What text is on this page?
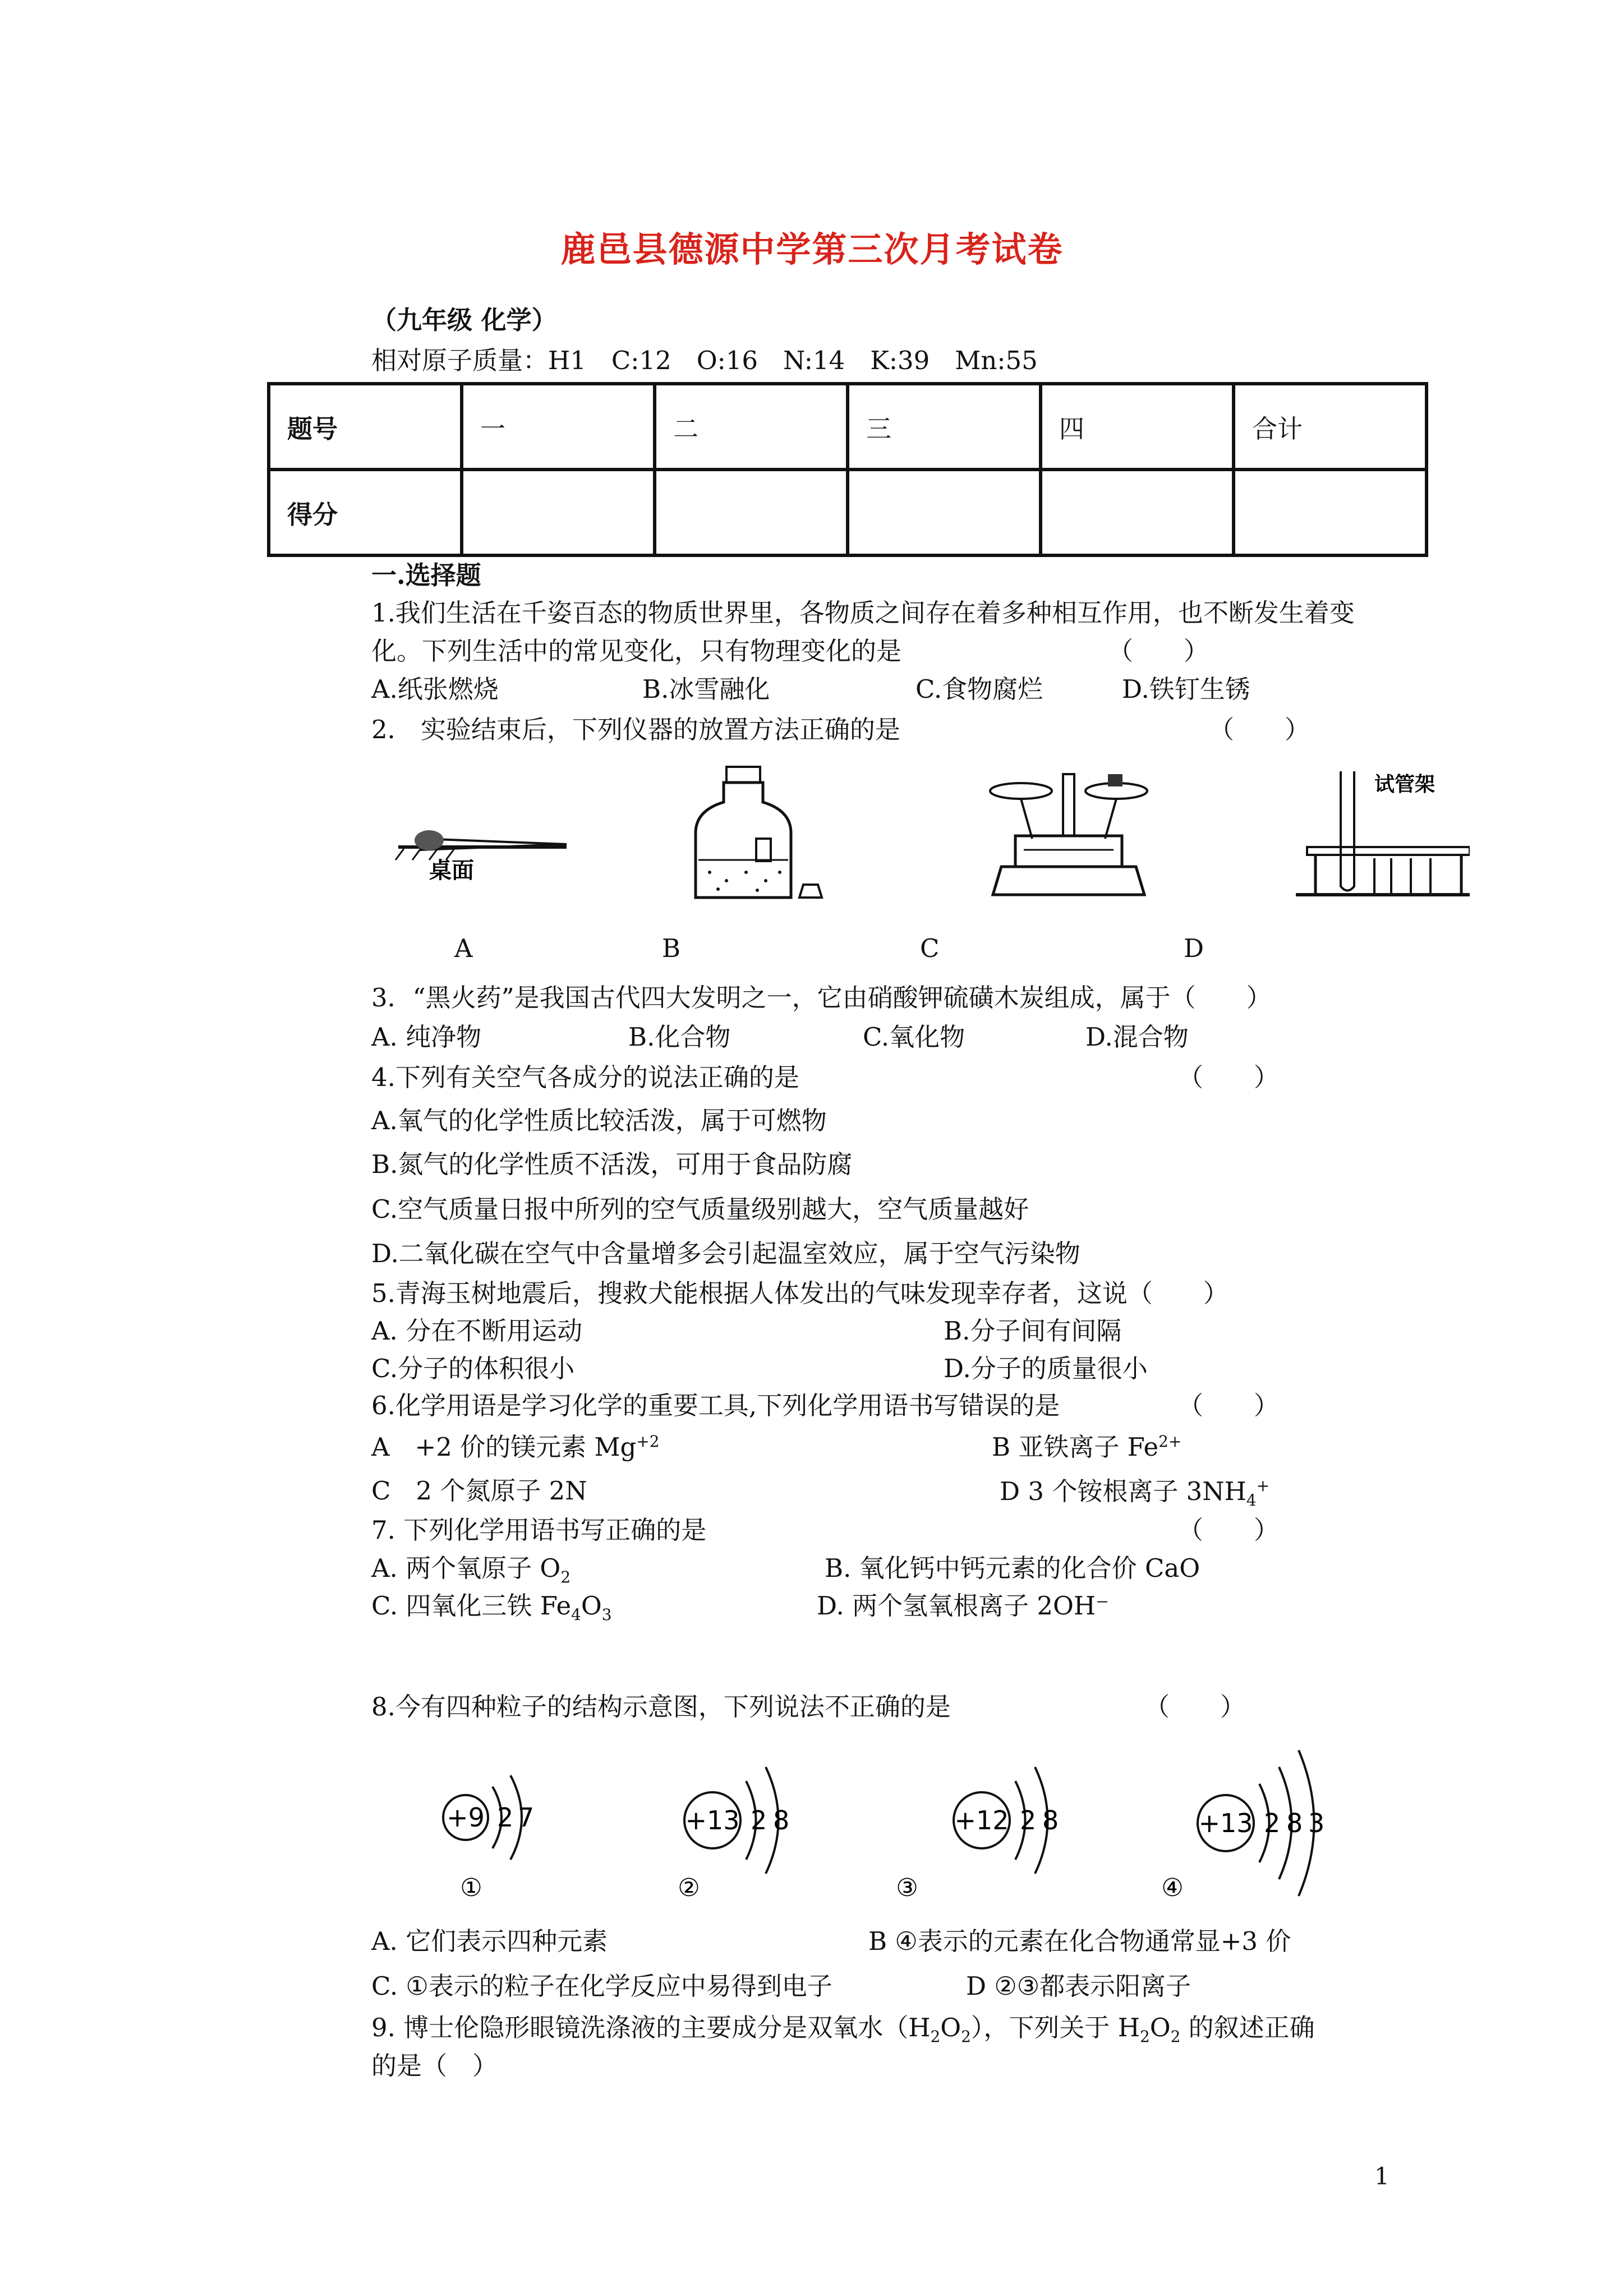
鹿邑县德源中学第三次月考试卷
（九年级 化学）
相对原子质量：H1　C:12　O:16　N:14　K:39　Mn:55
题号	一	二	三	四	合计
得分					
一.选择题
1.我们生活在千姿百态的物质世界里，各物质之间存在着多种相互作用，也不断发生着变
化。下列生活中的常见变化，只有物理变化的是	（　　）
A.纸张燃烧	B.冰雪融化	C.食物腐烂	D.铁钉生锈
2． 实验结束后，下列仪器的放置方法正确的是	（　　）
桌面
试管架
A	B	C	D
3．“黑火药”是我国古代四大发明之一，它由硝酸钾硫磺木炭组成，属于（　　）
A. 纯净物	B.化合物	C.氧化物	D.混合物
4.下列有关空气各成分的说法正确的是	（　　）
A.氧气的化学性质比较活泼，属于可燃物
B.氮气的化学性质不活泼，可用于食品防腐
C.空气质量日报中所列的空气质量级别越大，空气质量越好
D.二氧化碳在空气中含量增多会引起温室效应，属于空气污染物
5.青海玉树地震后，搜救犬能根据人体发出的气味发现幸存者，这说（　　）
A. 分在不断用运动	B.分子间有间隔
C.分子的体积很小	D.分子的质量很小
6.化学用语是学习化学的重要工具,下列化学用语书写错误的是	（　　）
A　+2 价的镁元素 $Mg^{+2}$	B 亚铁离子 $Fe^{2+}$
C　2 个氮原子 2N	D 3 个铵根离子 $3NH_4^+$
7. 下列化学用语书写正确的是	（　　）
A. 两个氧原子 $O_2$	B. 氧化钙中钙元素的化合价 CaO
C. 四氧化三铁 $Fe_4O_3$	D. 两个氢氧根离子 2OH⁻
8.今有四种粒子的结构示意图，下列说法不正确的是	（　　）
+9 2 7
①
+13 2 8
②
+12 2 8
③
+13 2 8 3
④
A. 它们表示四种元素	B ④表示的元素在化合物通常显+3 价
C. ①表示的粒子在化学反应中易得到电子	D ②③都表示阳离子
9. 博士伦隐形眼镜洗涤液的主要成分是双氧水$(H_2O_2)$，下列关于 $H_2O_2$ 的叙述正确
的是（　）
1
